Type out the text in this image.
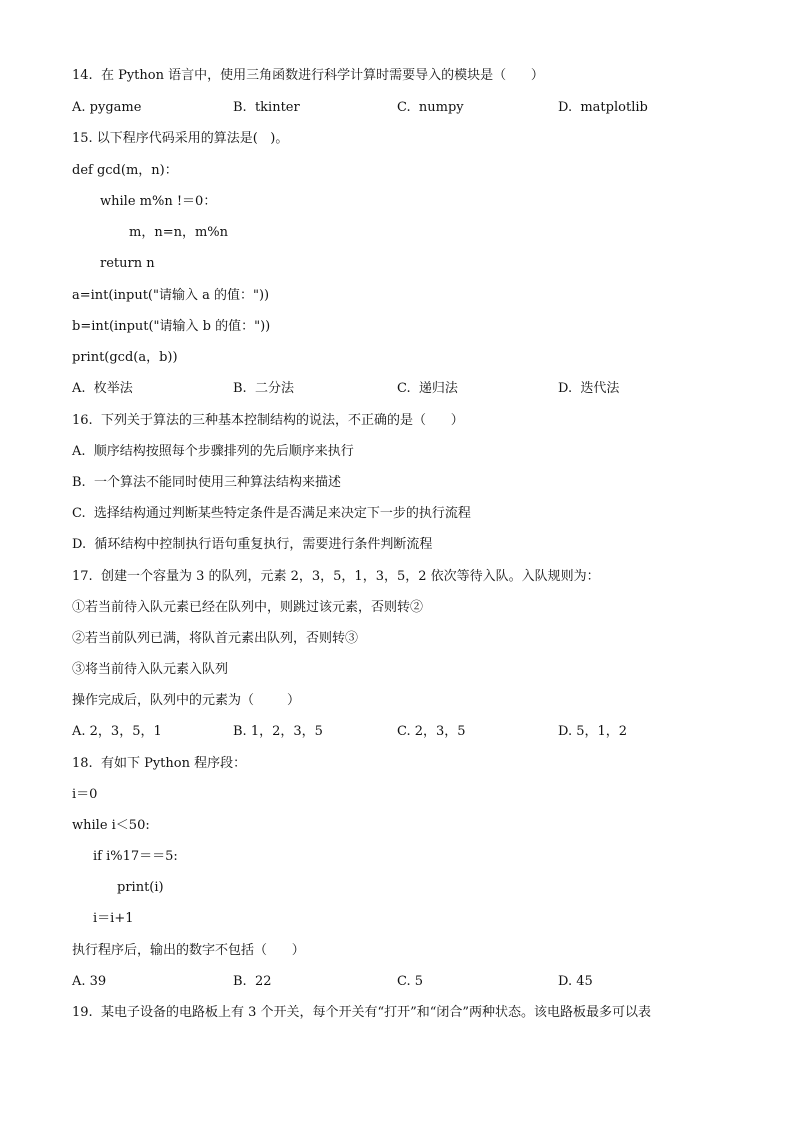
14.  在 Python 语言中，使用三角函数进行科学计算时需要导入的模块是（      ）
A. pygame	B.  tkinter	C.  numpy	D.  matplotlib
15. 以下程序代码采用的算法是(   )。
def gcd(m，n)：
while m%n !＝0：
m，n=n，m%n
return n
a=int(input("请输入 a 的值："))
b=int(input("请输入 b 的值："))
print(gcd(a，b))
A.  枚举法	B.  二分法	C.  递归法	D.  迭代法
16.  下列关于算法的三种基本控制结构的说法，不正确的是（      ）
A.  顺序结构按照每个步骤排列的先后顺序来执行
B.  一个算法不能同时使用三种算法结构来描述
C.  选择结构通过判断某些特定条件是否满足来决定下一步的执行流程
D.  循环结构中控制执行语句重复执行，需要进行条件判断流程
17.  创建一个容量为 3 的队列，元素 2，3，5，1，3，5，2 依次等待入队。入队规则为：
①若当前待入队元素已经在队列中，则跳过该元素，否则转②
②若当前队列已满，将队首元素出队列，否则转③
③将当前待入队元素入队列
操作完成后，队列中的元素为（        ）
A. 2，3，5，1	B. 1，2，3，5	C. 2，3，5	D. 5，1，2
18.  有如下 Python 程序段：
i＝0
while i＜50:
if i%17＝＝5:
print(i)
i＝i+1
执行程序后，输出的数字不包括（      ）
A. 39	B.  22	C. 5	D. 45
19.  某电子设备的电路板上有 3 个开关，每个开关有“打开”和“闭合”两种状态。该电路板最多可以表
